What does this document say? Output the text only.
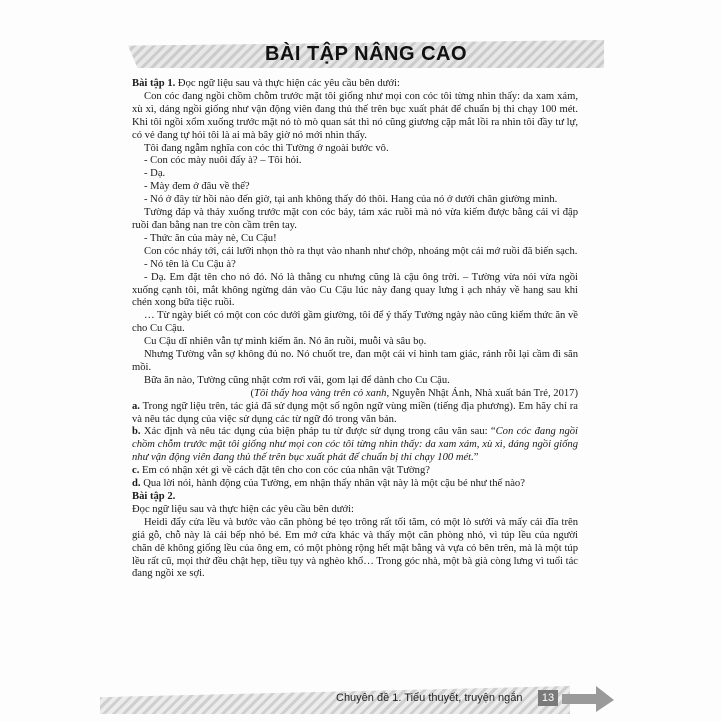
BÀI TẬP NÂNG CAO

Bài tập 1. Đọc ngữ liệu sau và thực hiện các yêu cầu bên dưới:

Con cóc đang ngồi chồm chỗm trước mặt tôi giống như mọi con cóc tôi từng nhìn thấy: da xam xám, xù xì, dáng ngồi giống như vận động viên đang thủ thế trên bục xuất phát để chuẩn bị thi chạy 100 mét. Khi tôi ngồi xổm xuống trước mặt nó tò mò quan sát thì nó cũng giương cặp mắt lồi ra nhìn tôi đầy tư lự, có vẻ đang tự hỏi tôi là ai mà bây giờ nó mới nhìn thấy.

Tôi đang ngẫm nghĩa con cóc thì Tường ở ngoài bước vô.

- Con cóc mày nuôi đấy à? – Tôi hỏi.

- Dạ.

- Mày đem ở đâu về thế?

- Nó ở đây từ hồi nào đến giờ, tại anh không thấy đó thôi. Hang của nó ở dưới chân giường mình.

Tường đáp và thảy xuống trước mặt con cóc bảy, tám xác ruồi mà nó vừa kiếm được bằng cái vỉ đập ruồi đan bằng nan tre còn cầm trên tay.

- Thức ăn của mày nè, Cu Cậu!

Con cóc nhảy tới, cái lưỡi nhọn thò ra thụt vào nhanh như chớp, nhoáng một cái mớ ruồi đã biến sạch.

- Nó tên là Cu Cậu à?

- Dạ. Em đặt tên cho nó đó. Nó là thằng cu nhưng cũng là cậu ông trời. – Tường vừa nói vừa ngồi xuống cạnh tôi, mắt không ngừng dán vào Cu Cậu lúc này đang quay lưng ì ạch nhảy về hang sau khi chén xong bữa tiệc ruồi.

… Từ ngày biết có một con cóc dưới gầm giường, tôi để ý thấy Tường ngày nào cũng kiếm thức ăn về cho Cu Cậu.

Cu Cậu dĩ nhiên vẫn tự mình kiếm ăn. Nó ăn ruồi, muỗi và sâu bọ.

Nhưng Tường vẫn sợ không đủ no. Nó chuốt tre, đan một cái vỉ hình tam giác, rảnh rỗi lại cầm đi săn mồi.

Bữa ăn nào, Tường cũng nhặt cơm rơi vãi, gom lại để dành cho Cu Cậu.

(Tôi thấy hoa vàng trên cỏ xanh, Nguyễn Nhật Ánh, Nhà xuất bản Trẻ, 2017)

a. Trong ngữ liệu trên, tác giả đã sử dụng một số ngôn ngữ vùng miền (tiếng địa phương). Em hãy chỉ ra và nêu tác dụng của việc sử dụng các từ ngữ đó trong văn bản.

b. Xác định và nêu tác dụng của biện pháp tu từ được sử dụng trong câu văn sau: “Con cóc đang ngồi chồm chỗm trước mặt tôi giống như mọi con cóc tôi từng nhìn thấy: da xam xám, xù xì, dáng ngồi giống như vận động viên đang thủ thế trên bục xuất phát để chuẩn bị thi chạy 100 mét.”

c. Em có nhận xét gì về cách đặt tên cho con cóc của nhân vật Tường?

d. Qua lời nói, hành động của Tường, em nhận thấy nhân vật này là một cậu bé như thế nào?

Bài tập 2.

Đọc ngữ liệu sau và thực hiện các yêu cầu bên dưới:

Heidi đẩy cửa lều và bước vào căn phòng bé tẹo trông rất tối tăm, có một lò sưởi và mấy cái đĩa trên giá gỗ, chỗ này là cái bếp nhỏ bé. Em mở cửa khác và thấy một căn phòng nhỏ, vì túp lều của người chăn dê không giống lều của ông em, có một phòng rộng hết mặt bằng và vựa cỏ bên trên, mà là một túp lều rất cũ, mọi thứ đều chật hẹp, tiều tụy và nghèo khổ… Trong góc nhà, một bà già còng lưng vì tuổi tác đang ngồi xe sợi.

Chuyên đề 1. Tiểu thuyết, truyện ngắn	13
